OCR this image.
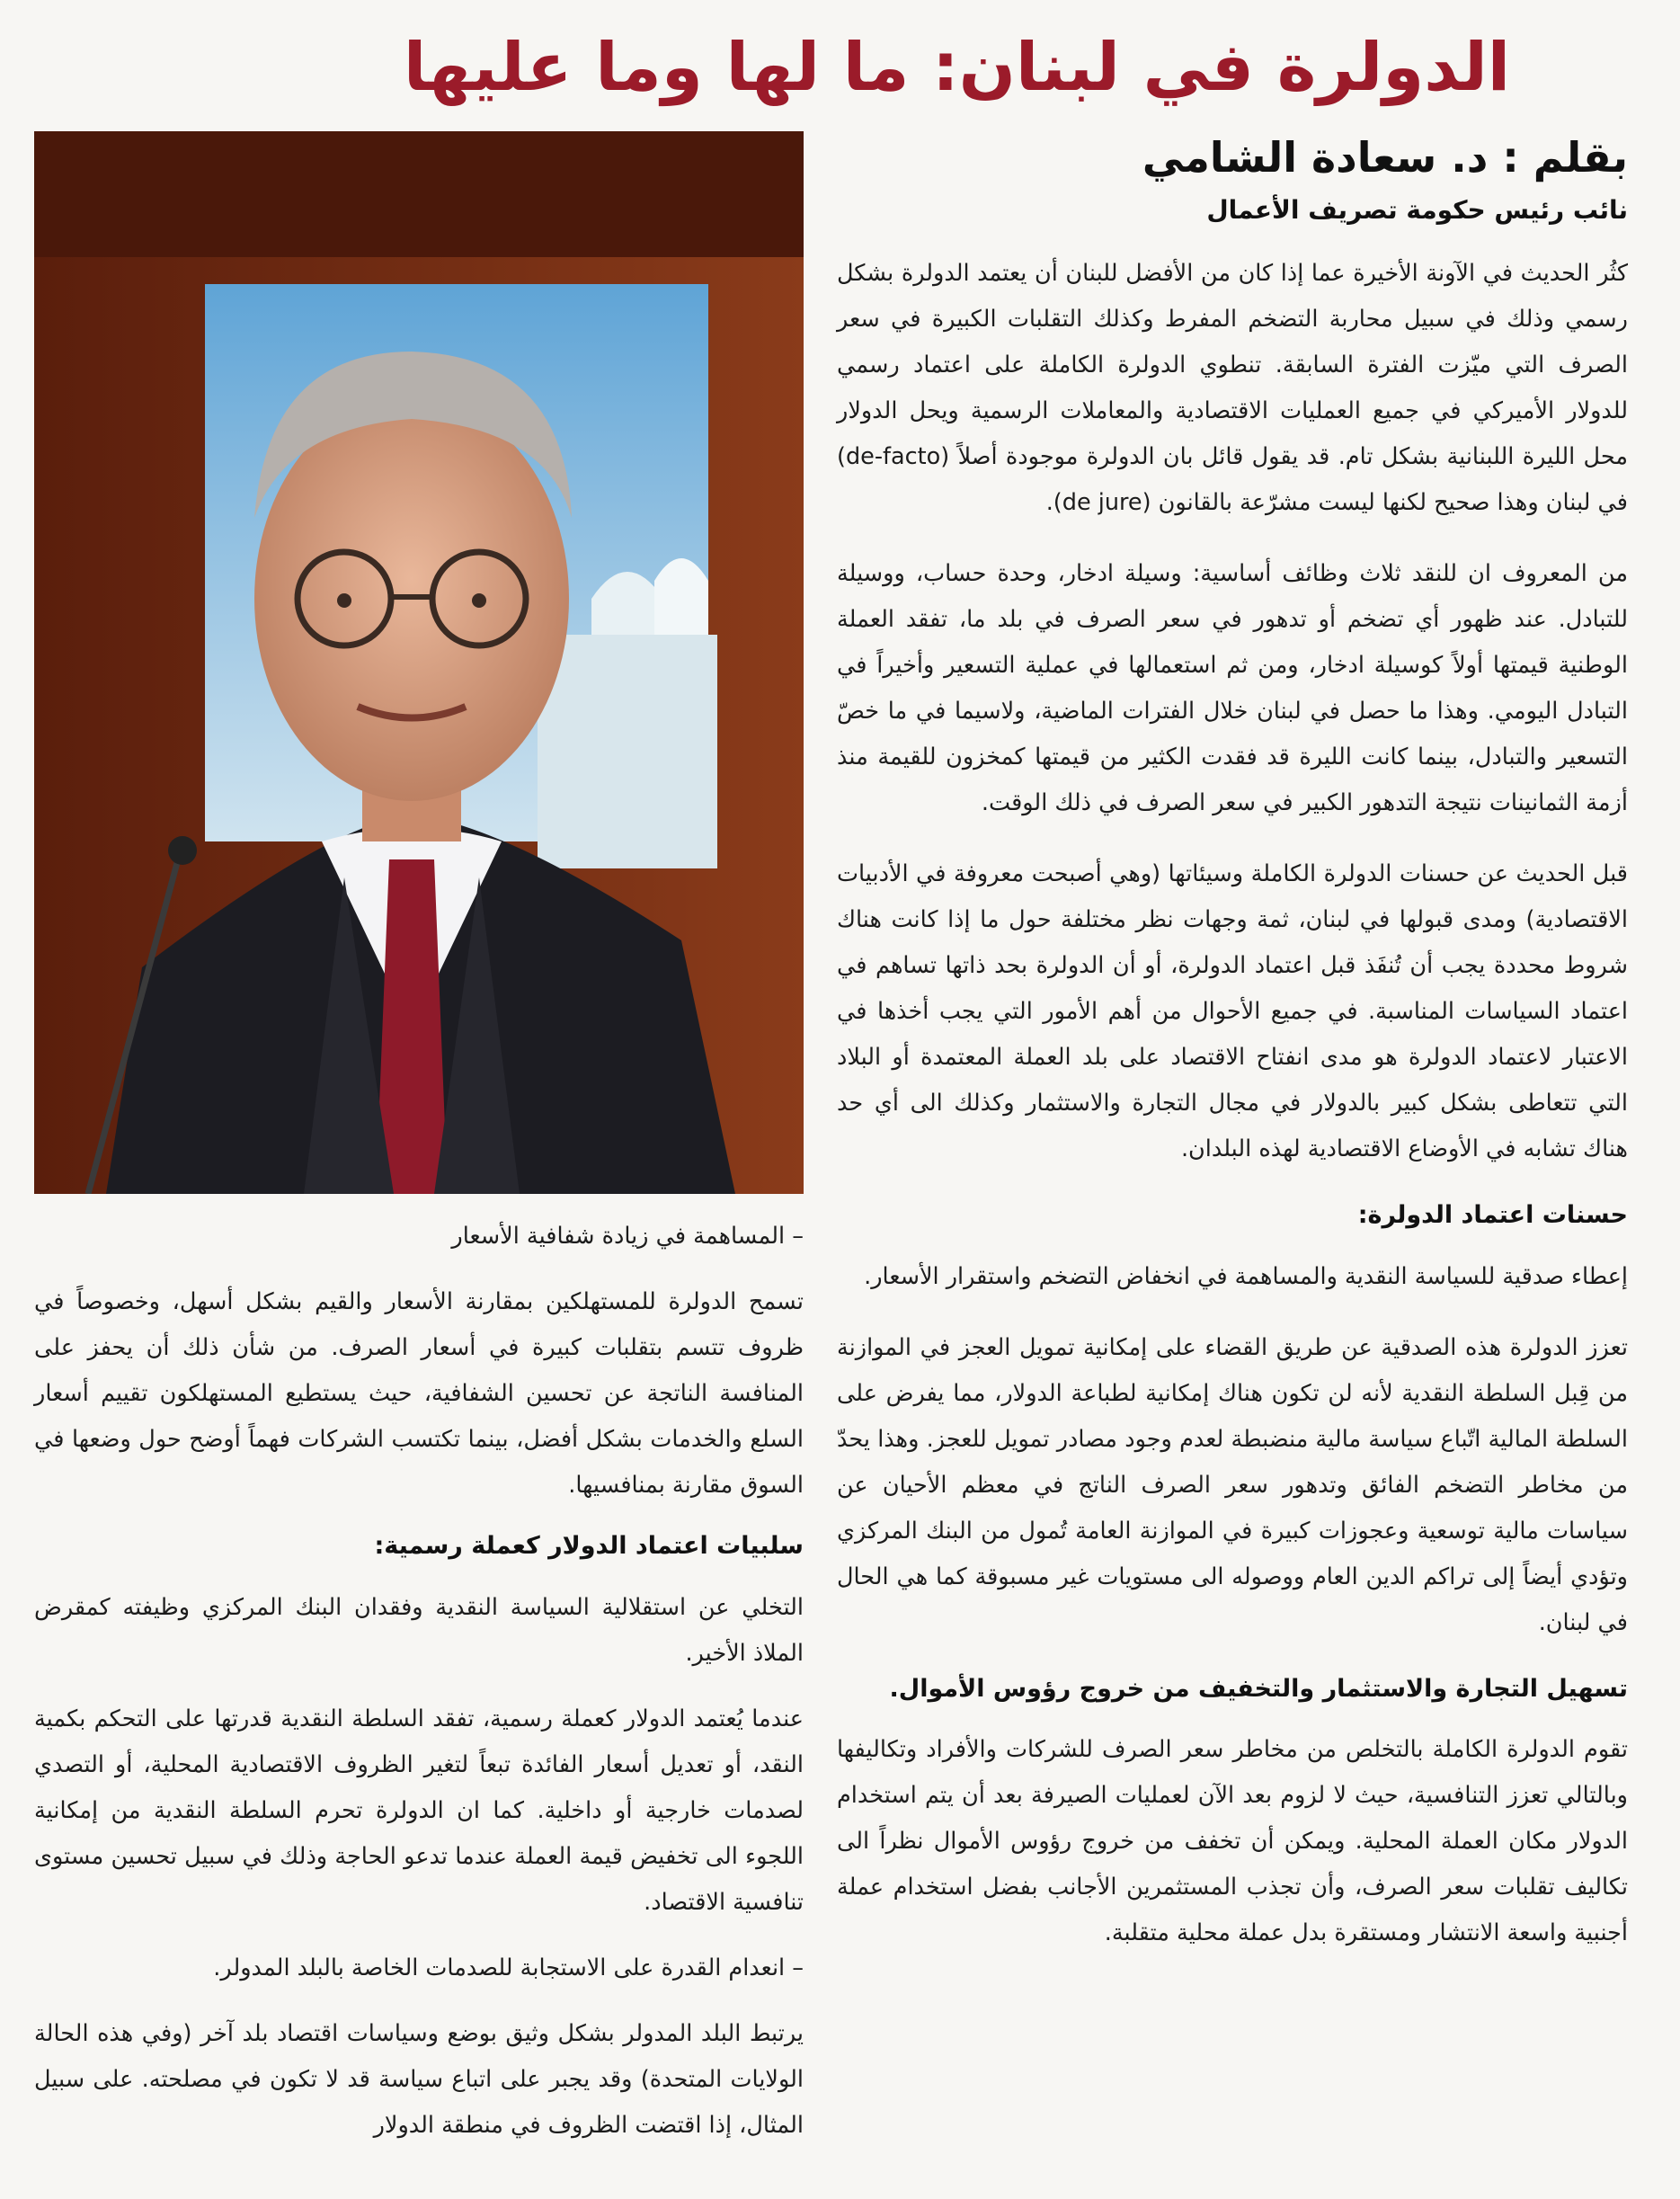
الدولرة في لبنان: ما لها وما عليها
بقلم : د. سعادة الشامي
نائب رئيس حكومة تصريف الأعمال

كثُر الحديث في الآونة الأخيرة عما إذا كان من الأفضل للبنان أن يعتمد الدولرة بشكل رسمي وذلك في سبيل محاربة التضخم المفرط وكذلك التقلبات الكبيرة في سعر الصرف التي ميّزت الفترة السابقة. تنطوي الدولرة الكاملة على اعتماد رسمي للدولار الأميركي في جميع العمليات الاقتصادية والمعاملات الرسمية ويحل الدولار محل الليرة اللبنانية بشكل تام. قد يقول قائل بان الدولرة موجودة أصلاً (de-facto) في لبنان وهذا صحيح لكنها ليست مشرّعة بالقانون (de jure).

من المعروف ان للنقد ثلاث وظائف أساسية: وسيلة ادخار، وحدة حساب، ووسيلة للتبادل. عند ظهور أي تضخم أو تدهور في سعر الصرف في بلد ما، تفقد العملة الوطنية قيمتها أولاً كوسيلة ادخار، ومن ثم استعمالها في عملية التسعير وأخيراً في التبادل اليومي. وهذا ما حصل في لبنان خلال الفترات الماضية، ولاسيما في ما خصّ التسعير والتبادل، بينما كانت الليرة قد فقدت الكثير من قيمتها كمخزون للقيمة منذ أزمة الثمانينات نتيجة التدهور الكبير في سعر الصرف في ذلك الوقت.

قبل الحديث عن حسنات الدولرة الكاملة وسيئاتها (وهي أصبحت معروفة في الأدبيات الاقتصادية) ومدى قبولها في لبنان، ثمة وجهات نظر مختلفة حول ما إذا كانت هناك شروط محددة يجب أن تُنفَذ قبل اعتماد الدولرة، أو أن الدولرة بحد ذاتها تساهم في اعتماد السياسات المناسبة. في جميع الأحوال من أهم الأمور التي يجب أخذها في الاعتبار لاعتماد الدولرة هو مدى انفتاح الاقتصاد على بلد العملة المعتمدة أو البلاد التي تتعاطى بشكل كبير بالدولار في مجال التجارة والاستثمار وكذلك الى أي حد هناك تشابه في الأوضاع الاقتصادية لهذه البلدان.

حسنات اعتماد الدولرة:

إعطاء صدقية للسياسة النقدية والمساهمة في انخفاض التضخم واستقرار الأسعار.

تعزز الدولرة هذه الصدقية عن طريق القضاء على إمكانية تمويل العجز في الموازنة من قِبل السلطة النقدية لأنه لن تكون هناك إمكانية لطباعة الدولار، مما يفرض على السلطة المالية اتّباع سياسة مالية منضبطة لعدم وجود مصادر تمويل للعجز. وهذا يحدّ من مخاطر التضخم الفائق وتدهور سعر الصرف الناتج في معظم الأحيان عن سياسات مالية توسعية وعجوزات كبيرة في الموازنة العامة تُمول من البنك المركزي وتؤدي أيضاً إلى تراكم الدين العام ووصوله الى مستويات غير مسبوقة كما هي الحال في لبنان.

تسهيل التجارة والاستثمار والتخفيف من خروج رؤوس الأموال.

تقوم الدولرة الكاملة بالتخلص من مخاطر سعر الصرف للشركات والأفراد وتكاليفها وبالتالي تعزز التنافسية، حيث لا لزوم بعد الآن لعمليات الصيرفة بعد أن يتم استخدام الدولار مكان العملة المحلية. ويمكن أن تخفف من خروج رؤوس الأموال نظراً الى تكاليف تقلبات سعر الصرف، وأن تجذب المستثمرين الأجانب بفضل استخدام عملة أجنبية واسعة الانتشار ومستقرة بدل عملة محلية متقلبة.

– المساهمة في زيادة شفافية الأسعار

تسمح الدولرة للمستهلكين بمقارنة الأسعار والقيم بشكل أسهل، وخصوصاً في ظروف تتسم بتقلبات كبيرة في أسعار الصرف. من شأن ذلك أن يحفز على المنافسة الناتجة عن تحسين الشفافية، حيث يستطيع المستهلكون تقييم أسعار السلع والخدمات بشكل أفضل، بينما تكتسب الشركات فهماً أوضح حول وضعها في السوق مقارنة بمنافسيها.

سلبيات اعتماد الدولار كعملة رسمية:

التخلي عن استقلالية السياسة النقدية وفقدان البنك المركزي وظيفته كمقرض الملاذ الأخير.

عندما يُعتمد الدولار كعملة رسمية، تفقد السلطة النقدية قدرتها على التحكم بكمية النقد، أو تعديل أسعار الفائدة تبعاً لتغير الظروف الاقتصادية المحلية، أو التصدي لصدمات خارجية أو داخلية. كما ان الدولرة تحرم السلطة النقدية من إمكانية اللجوء الى تخفيض قيمة العملة عندما تدعو الحاجة وذلك في سبيل تحسين مستوى تنافسية الاقتصاد.

– انعدام القدرة على الاستجابة للصدمات الخاصة بالبلد المدولر.

يرتبط البلد المدولر بشكل وثيق بوضع وسياسات اقتصاد بلد آخر (وفي هذه الحالة الولايات المتحدة) وقد يجبر على اتباع سياسة قد لا تكون في مصلحته. على سبيل المثال، إذا اقتضت الظروف في منطقة الدولار
